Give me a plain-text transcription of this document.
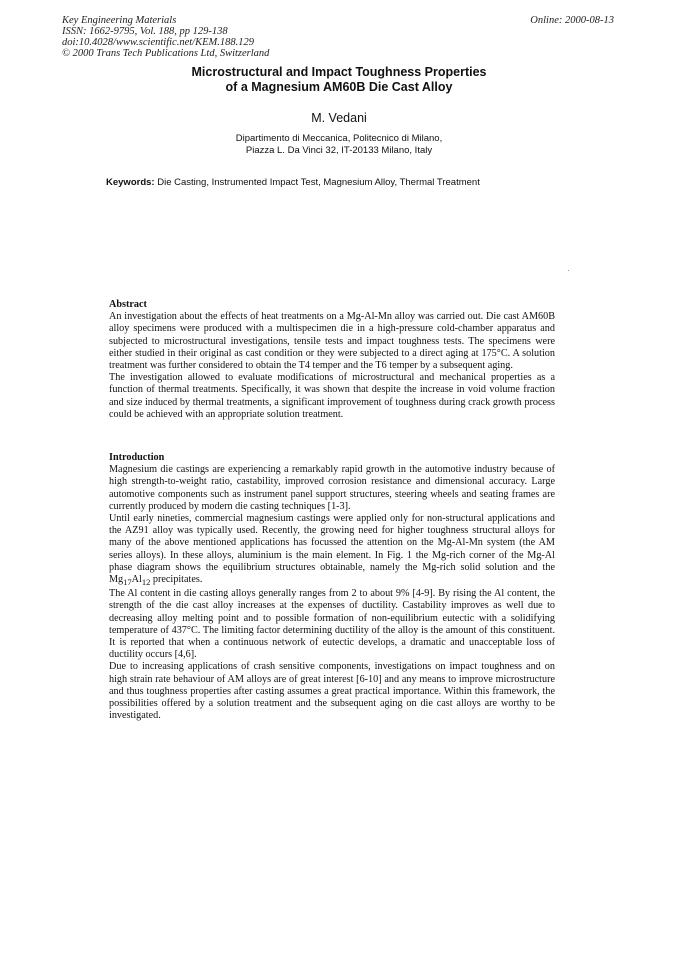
Key Engineering Materials
ISSN: 1662-9795, Vol. 188, pp 129-138
doi:10.4028/www.scientific.net/KEM.188.129
© 2000 Trans Tech Publications Ltd, Switzerland
Online: 2000-08-13
Microstructural and Impact Toughness Properties
of a Magnesium AM60B Die Cast Alloy
M. Vedani
Dipartimento di Meccanica, Politecnico di Milano,
Piazza L. Da Vinci 32, IT-20133 Milano, Italy
Keywords: Die Casting, Instrumented Impact Test, Magnesium Alloy, Thermal Treatment
Abstract

An investigation about the effects of heat treatments on a Mg-Al-Mn alloy was carried out. Die cast AM60B alloy specimens were produced with a multispecimen die in a high-pressure cold-chamber apparatus and subjected to microstructural investigations, tensile tests and impact toughness tests. The specimens were either studied in their original as cast condition or they were subjected to a direct aging at 175°C. A solution treatment was further considered to obtain the T4 temper and the T6 temper by a subsequent aging.

The investigation allowed to evaluate modifications of microstructural and mechanical properties as a function of thermal treatments. Specifically, it was shown that despite the increase in void volume fraction and size induced by thermal treatments, a significant improvement of toughness during crack growth process could be achieved with an appropriate solution treatment.

Introduction

Magnesium die castings are experiencing a remarkably rapid growth in the automotive industry because of high strength-to-weight ratio, castability, improved corrosion resistance and dimensional accuracy. Large automotive components such as instrument panel support structures, steering wheels and seating frames are currently produced by modern die casting techniques [1-3].

Until early nineties, commercial magnesium castings were applied only for non-structural applications and the AZ91 alloy was typically used. Recently, the growing need for higher toughness structural alloys for many of the above mentioned applications has focussed the attention on the Mg-Al-Mn system (the AM series alloys). In these alloys, aluminium is the main element. In Fig. 1 the Mg-rich corner of the Mg-Al phase diagram shows the equilibrium structures obtainable, namely the Mg-rich solid solution and the $Mg_{17}Al_{12}$ precipitates.

The Al content in die casting alloys generally ranges from 2 to about 9% [4-9]. By rising the Al content, the strength of the die cast alloy increases at the expenses of ductility. Castability improves as well due to decreasing alloy melting point and to possible formation of non-equilibrium eutectic with a solidifying temperature of 437°C. The limiting factor determining ductility of the alloy is the amount of this constituent. It is reported that when a continuous network of eutectic develops, a dramatic and unacceptable loss of ductility occurs [4,6].

Due to increasing applications of crash sensitive components, investigations on impact toughness and on high strain rate behaviour of AM alloys are of great interest [6-10] and any means to improve microstructure and thus toughness properties after casting assumes a great practical importance. Within this framework, the possibilities offered by a solution treatment and the subsequent aging on die cast alloys are worthy to be investigated.
